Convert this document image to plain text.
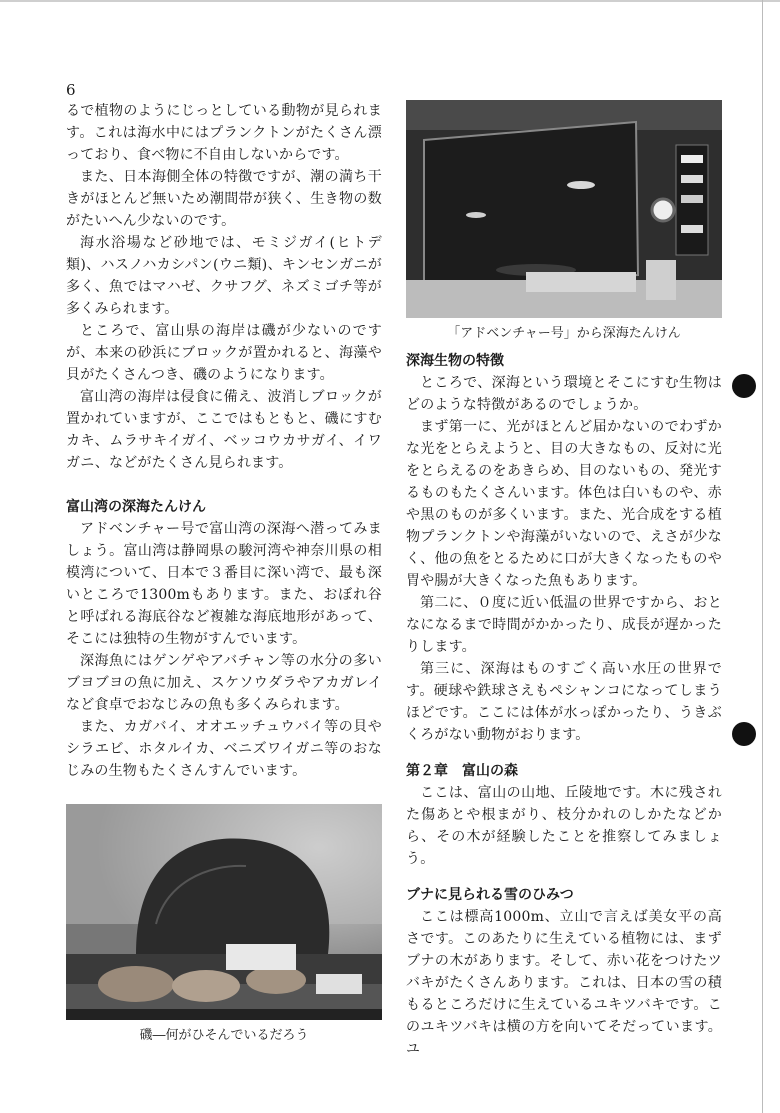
6

るで植物のようにじっとしている動物が見られます。これは海水中にはプランクトンがたくさん漂っており、食べ物に不自由しないからです。

また、日本海側全体の特徴ですが、潮の満ち干きがほとんど無いため潮間帯が狭く、生き物の数がたいへん少ないのです。

海水浴場など砂地では、モミジガイ(ヒトデ類)、ハスノハカシパン(ウニ類)、キンセンガニが多く、魚ではマハゼ、クサフグ、ネズミゴチ等が多くみられます。

ところで、富山県の海岸は磯が少ないのですが、本来の砂浜にブロックが置かれると、海藻や貝がたくさんつき、磯のようになります。

富山湾の海岸は侵食に備え、波消しブロックが置かれていますが、ここではもともと、磯にすむカキ、ムラサキイガイ、ベッコウカサガイ、イワガニ、などがたくさん見られます。

富山湾の深海たんけん

アドベンチャー号で富山湾の深海へ潜ってみましょう。富山湾は静岡県の駿河湾や神奈川県の相模湾について、日本で３番目に深い湾で、最も深いところで1300mもあります。また、おぼれ谷と呼ばれる海底谷など複雑な海底地形があって、そこには独特の生物がすんでいます。

深海魚にはゲンゲやアバチャン等の水分の多いブヨブヨの魚に加え、スケソウダラやアカガレイなど食卓でおなじみの魚も多くみられます。

また、カガバイ、オオエッチュウバイ等の貝やシラエビ、ホタルイカ、ベニズワイガニ等のおなじみの生物もたくさんすんでいます。

磯―何がひそんでいるだろう
「アドベンチャー号」から深海たんけん

深海生物の特徴

ところで、深海という環境とそこにすむ生物はどのような特徴があるのでしょうか。

まず第一に、光がほとんど届かないのでわずかな光をとらえようと、目の大きなもの、反対に光をとらえるのをあきらめ、目のないもの、発光するものもたくさんいます。体色は白いものや、赤や黒のものが多くいます。また、光合成をする植物プランクトンや海藻がいないので、えさが少なく、他の魚をとるために口が大きくなったものや胃や腸が大きくなった魚もあります。

第二に、０度に近い低温の世界ですから、おとなになるまで時間がかかったり、成長が遅かったりします。

第三に、深海はものすごく高い水圧の世界です。硬球や鉄球さえもペシャンコになってしまうほどです。ここには体が水っぽかったり、うきぶくろがない動物がおります。

第２章　富山の森

ここは、富山の山地、丘陵地です。木に残された傷あとや根まがり、枝分かれのしかたなどから、その木が経験したことを推察してみましょう。

ブナに見られる雪のひみつ

ここは標高1000m、立山で言えば美女平の高さです。このあたりに生えている植物には、まずブナの木があります。そして、赤い花をつけたツバキがたくさんあります。これは、日本の雪の積もるところだけに生えているユキツバキです。このユキツバキは横の方を向いてそだっています。ユ
